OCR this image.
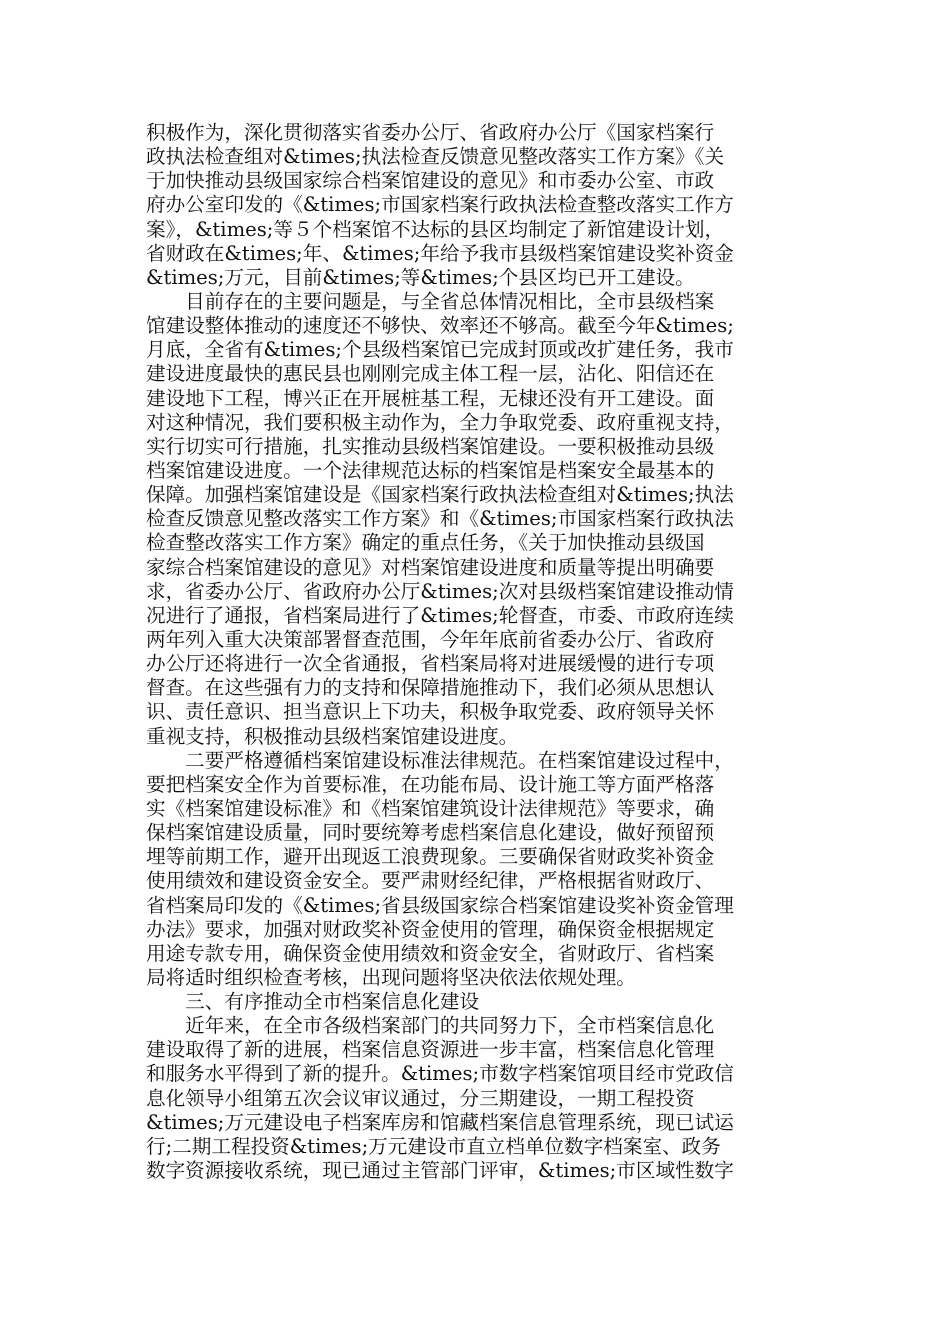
积极作为，深化贯彻落实省委办公厅、省政府办公厅《国家档案行
政执法检查组对&times;执法检查反馈意见整改落实工作方案》《关
于加快推动县级国家综合档案馆建设的意见》和市委办公室、市政
府办公室印发的《&times;市国家档案行政执法检查整改落实工作方
案》，&times;等５个档案馆不达标的县区均制定了新馆建设计划，
省财政在&times;年、&times;年给予我市县级档案馆建设奖补资金
&times;万元，目前&times;等&times;个县区均已开工建设。
　　目前存在的主要问题是，与全省总体情况相比，全市县级档案
馆建设整体推动的速度还不够快、效率还不够高。截至今年&times;
月底，全省有&times;个县级档案馆已完成封顶或改扩建任务，我市
建设进度最快的惠民县也刚刚完成主体工程一层，沾化、阳信还在
建设地下工程，博兴正在开展桩基工程，无棣还没有开工建设。面
对这种情况，我们要积极主动作为，全力争取党委、政府重视支持，
实行切实可行措施，扎实推动县级档案馆建设。一要积极推动县级
档案馆建设进度。一个法律规范达标的档案馆是档案安全最基本的
保障。加强档案馆建设是《国家档案行政执法检查组对&times;执法
检查反馈意见整改落实工作方案》和《&times;市国家档案行政执法
检查整改落实工作方案》确定的重点任务，《关于加快推动县级国
家综合档案馆建设的意见》对档案馆建设进度和质量等提出明确要
求，省委办公厅、省政府办公厅&times;次对县级档案馆建设推动情
况进行了通报，省档案局进行了&times;轮督查，市委、市政府连续
两年列入重大决策部署督查范围，今年年底前省委办公厅、省政府
办公厅还将进行一次全省通报，省档案局将对进展缓慢的进行专项
督查。在这些强有力的支持和保障措施推动下，我们必须从思想认
识、责任意识、担当意识上下功夫，积极争取党委、政府领导关怀
重视支持，积极推动县级档案馆建设进度。
　　二要严格遵循档案馆建设标准法律规范。在档案馆建设过程中，
要把档案安全作为首要标准，在功能布局、设计施工等方面严格落
实《档案馆建设标准》和《档案馆建筑设计法律规范》等要求，确
保档案馆建设质量，同时要统筹考虑档案信息化建设，做好预留预
埋等前期工作，避开出现返工浪费现象。三要确保省财政奖补资金
使用绩效和建设资金安全。要严肃财经纪律，严格根据省财政厅、
省档案局印发的《&times;省县级国家综合档案馆建设奖补资金管理
办法》要求，加强对财政奖补资金使用的管理，确保资金根据规定
用途专款专用，确保资金使用绩效和资金安全，省财政厅、省档案
局将适时组织检查考核，出现问题将坚决依法依规处理。
　　三、有序推动全市档案信息化建设
　　近年来，在全市各级档案部门的共同努力下，全市档案信息化
建设取得了新的进展，档案信息资源进一步丰富，档案信息化管理
和服务水平得到了新的提升。&times;市数字档案馆项目经市党政信
息化领导小组第五次会议审议通过，分三期建设，一期工程投资
&times;万元建设电子档案库房和馆藏档案信息管理系统，现已试运
行;二期工程投资&times;万元建设市直立档单位数字档案室、政务
数字资源接收系统，现已通过主管部门评审，&times;市区域性数字
